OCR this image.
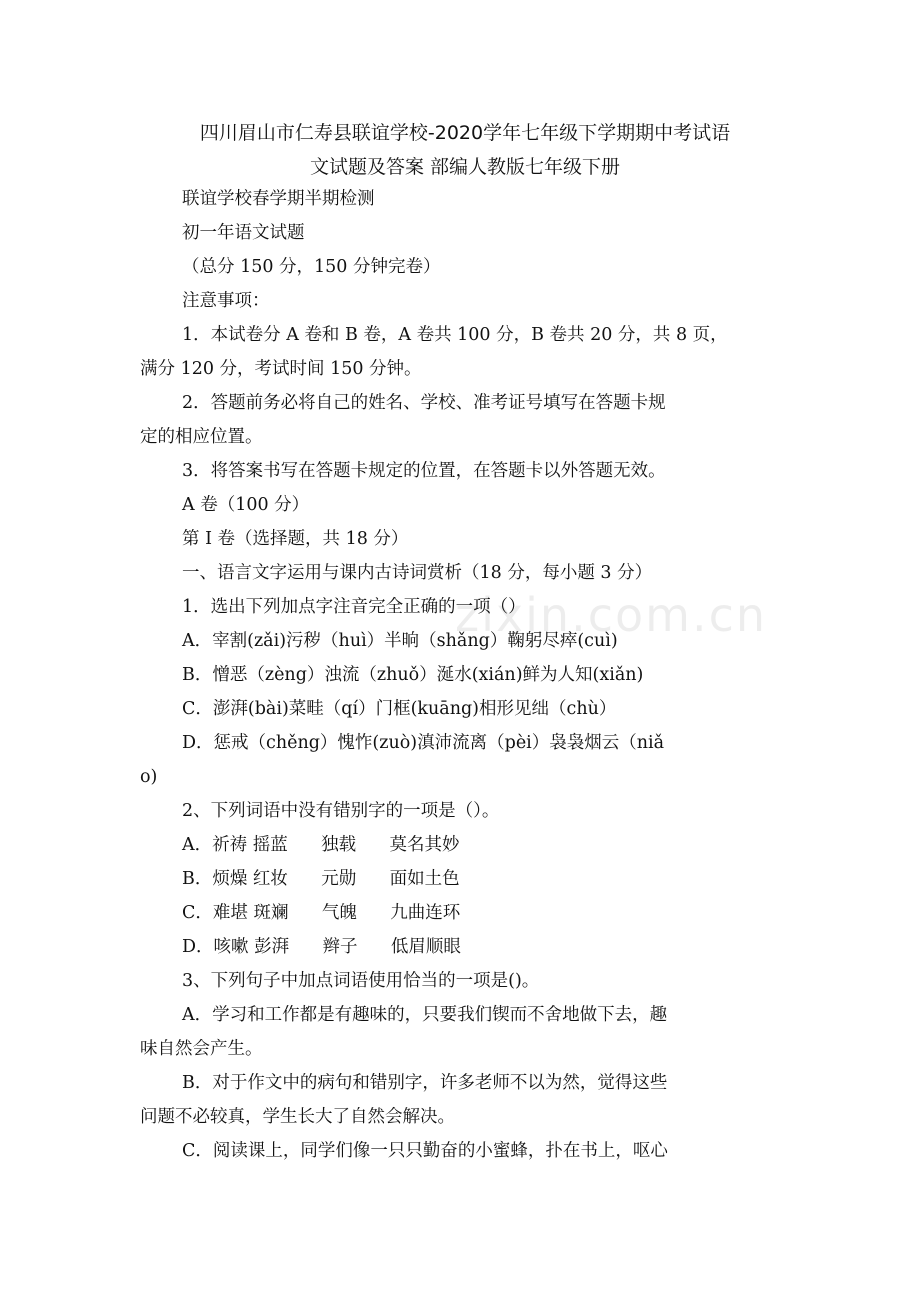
四川眉山市仁寿县联谊学校-2020学年七年级下学期期中考试语
文试题及答案 部编人教版七年级下册
联谊学校春学期半期检测
初一年语文试题
（总分 150 分，150 分钟完卷）
注意事项：
1．本试卷分 A 卷和 B 卷，A 卷共 100 分，B 卷共 20 分，共 8 页，
满分 120 分，考试时间 150 分钟。
2．答题前务必将自己的姓名、学校、准考证号填写在答题卡规
定的相应位置。
3．将答案书写在答题卡规定的位置，在答题卡以外答题无效。
A 卷（100 分）
第 I 卷（选择题，共 18 分）
一、语言文字运用与课内古诗词赏析（18 分，每小题 3 分）
1．选出下列加点字注音完全正确的一项（）
A．宰割(zǎi)污秽（huì）半晌（shǎng）鞠躬尽瘁(cuì)
B．憎恶（zèng）浊流（zhuǒ）涎水(xián)鲜为人知(xiǎn)
C．澎湃(bài)菜畦（qí）门框(kuāng)相形见绌（chù）
D．惩戒（chěng）愧怍(zuò)滇沛流离（pèi）袅袅烟云（niǎ
o)
2、下列词语中没有错别字的一项是（）。
A．祈祷 摇蓝      独载      莫名其妙
B．烦燥 红妆      元勋      面如土色
C．难堪 斑斓      气魄      九曲连环
D．咳嗽 彭湃      辫子      低眉顺眼
3、下列句子中加点词语使用恰当的一项是()。
A．学习和工作都是有趣味的，只要我们锲而不舍地做下去，趣
味自然会产生。
B．对于作文中的病句和错别字，许多老师不以为然，觉得这些
问题不必较真，学生长大了自然会解决。
C．阅读课上，同学们像一只只勤奋的小蜜蜂，扑在书上，呕心
zixin.com.cn
